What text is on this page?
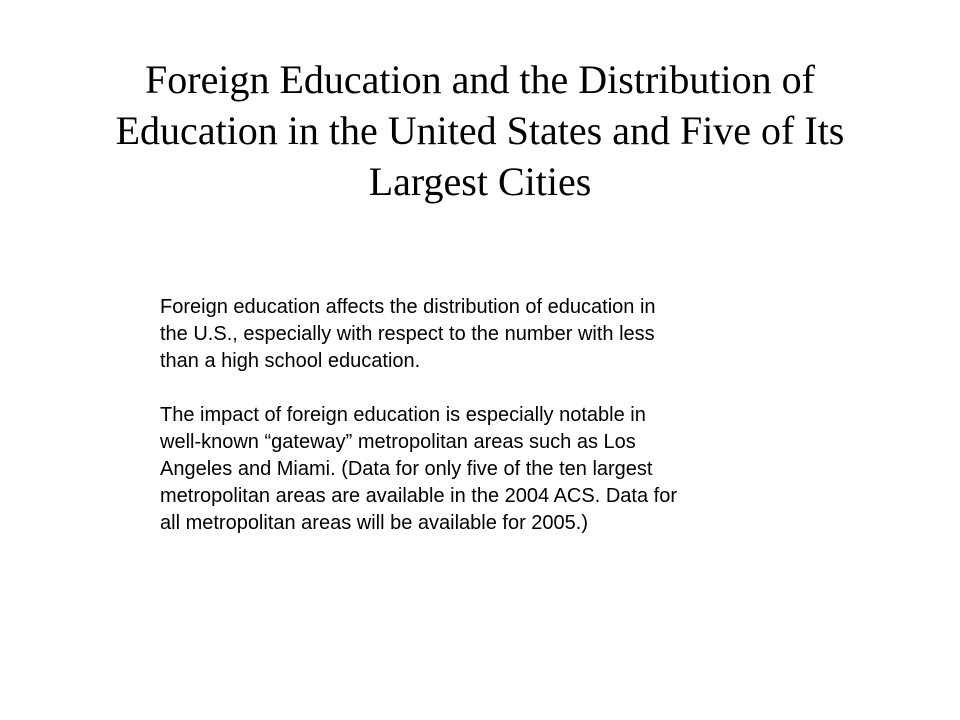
Foreign Education and the Distribution of
Education in the United States and Five of Its
Largest Cities

Foreign education affects the distribution of education in
the U.S., especially with respect to the number with less
than a high school education.

The impact of foreign education is especially notable in
well-known “gateway” metropolitan areas such as Los
Angeles and Miami. (Data for only five of the ten largest
metropolitan areas are available in the 2004 ACS. Data for
all metropolitan areas will be available for 2005.)
